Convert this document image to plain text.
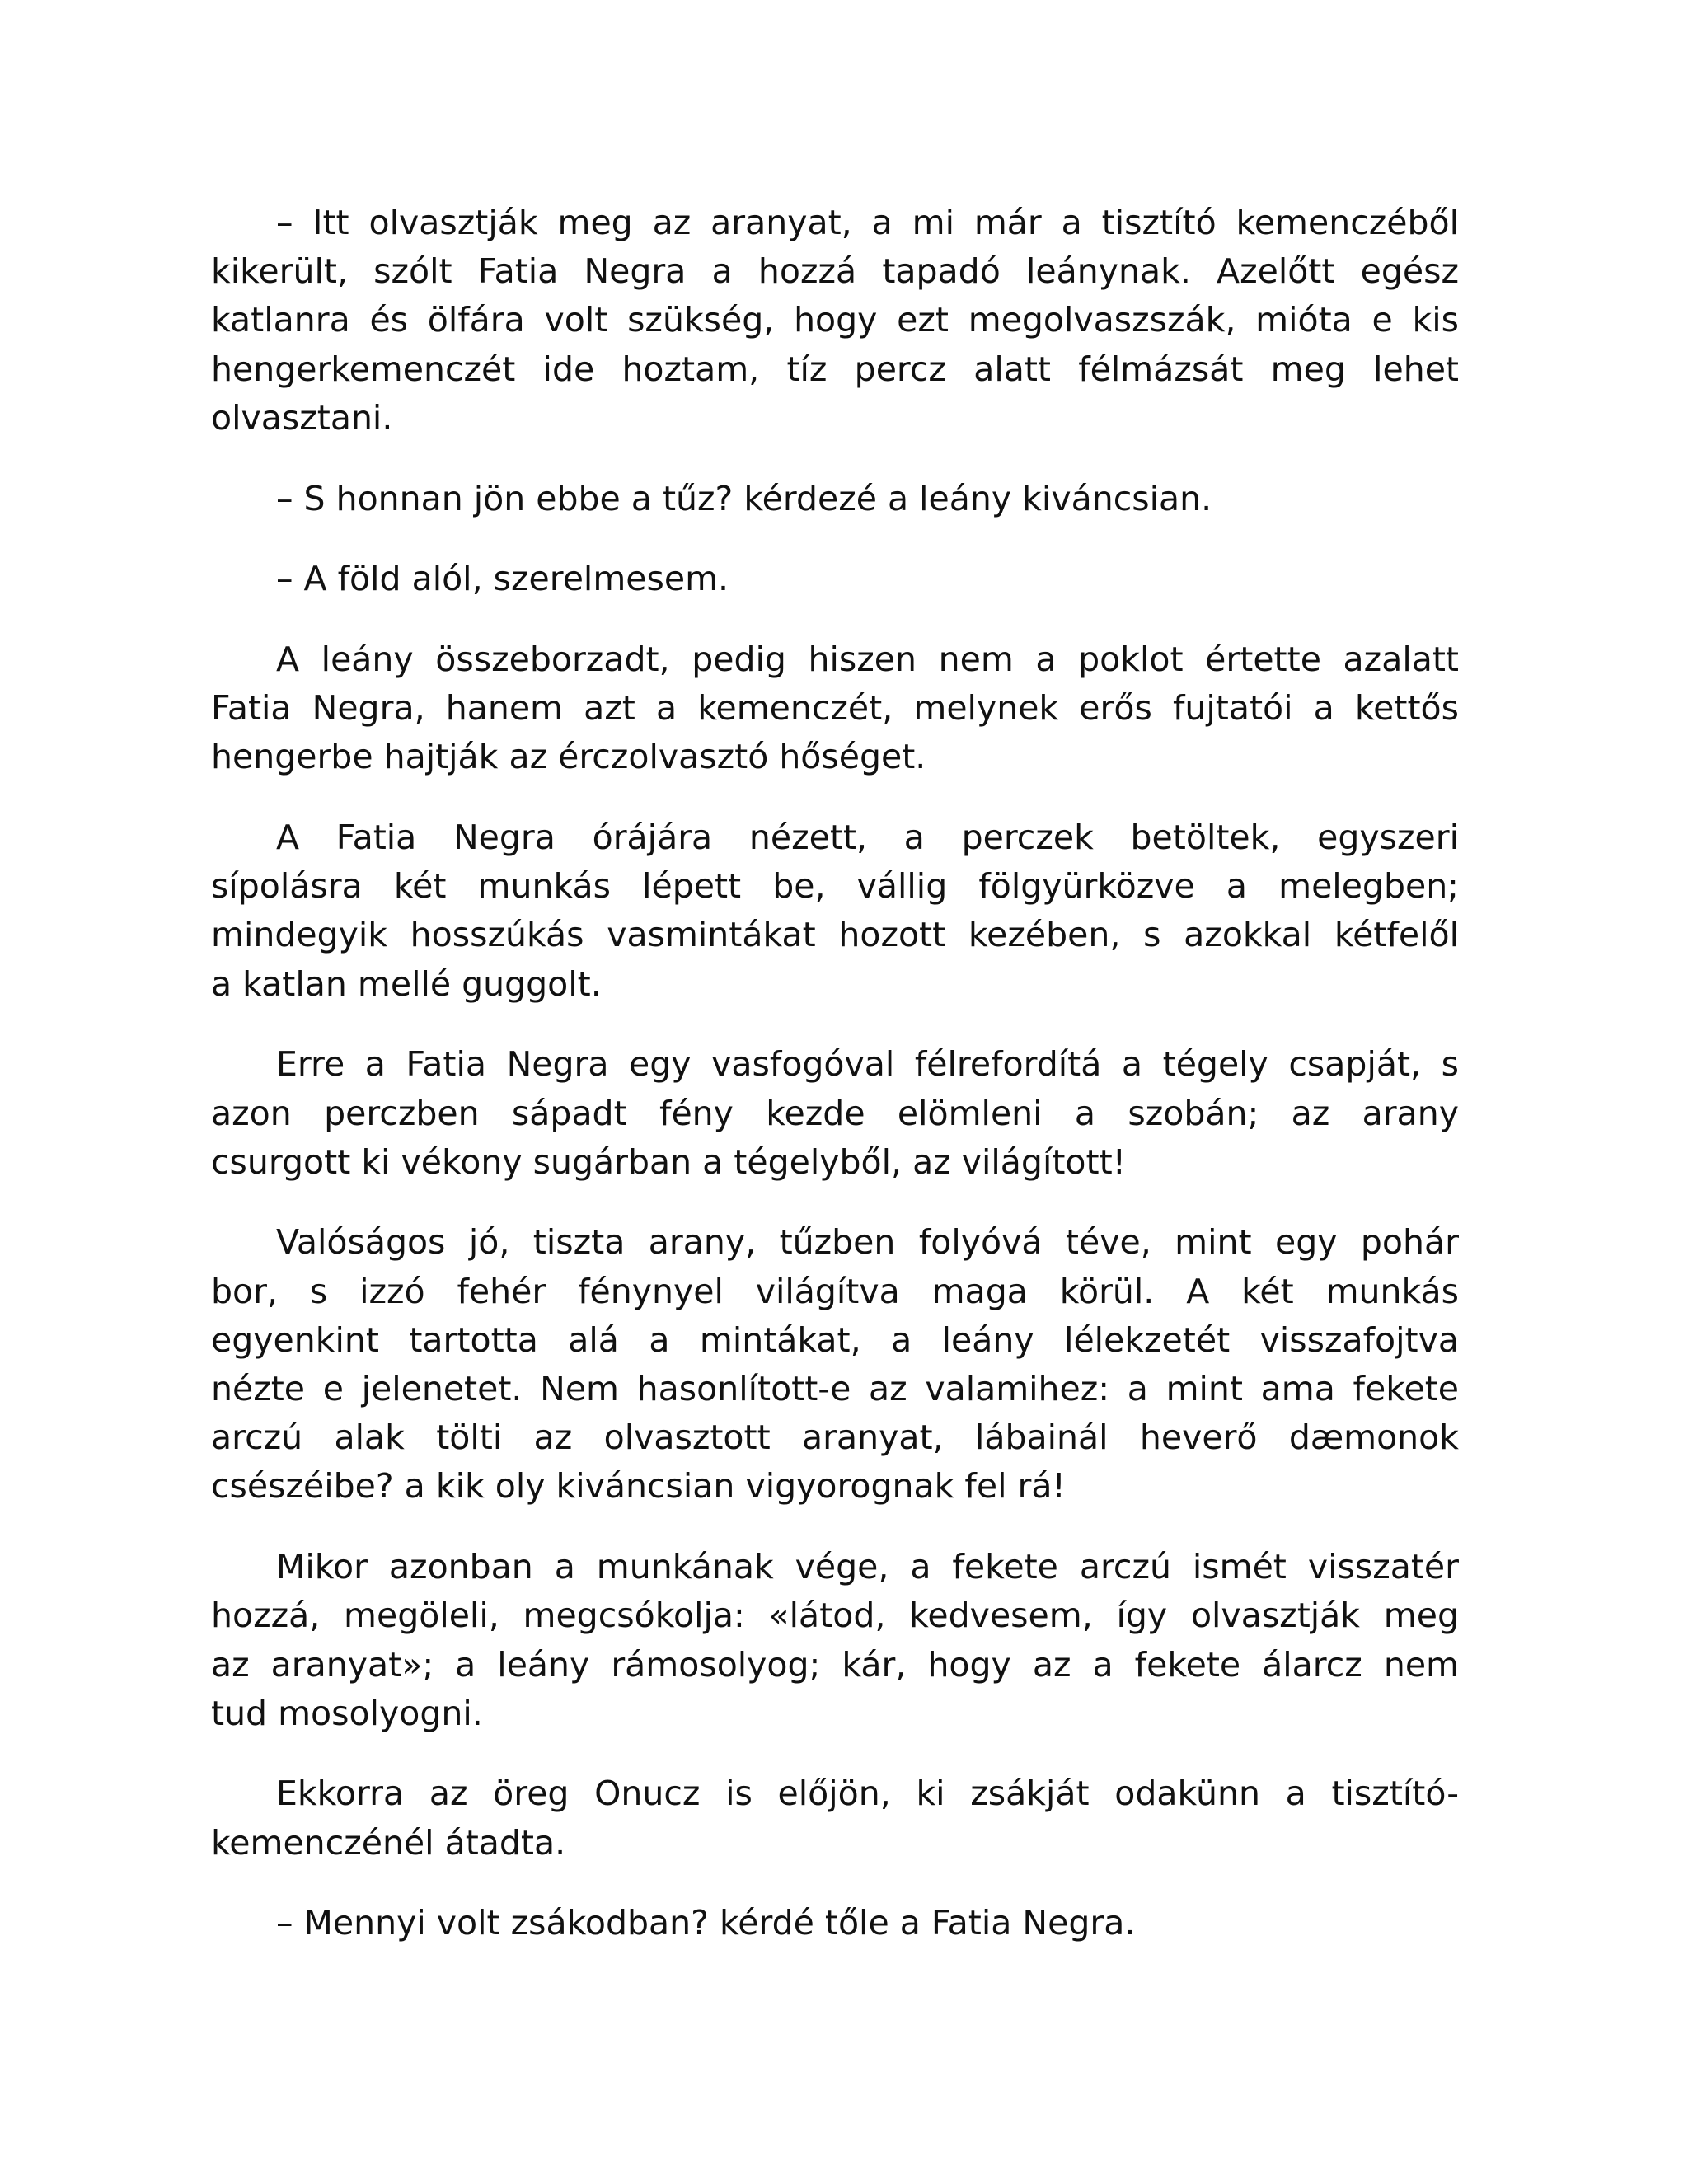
– Itt olvasztják meg az aranyat, a mi már a tisztító kemenczéből
kikerült, szólt Fatia Negra a hozzá tapadó leánynak. Azelőtt egész
katlanra és ölfára volt szükség, hogy ezt megolvaszszák, mióta e kis
hengerkemenczét ide hoztam, tíz percz alatt félmázsát meg lehet
olvasztani.
– S honnan jön ebbe a tűz? kérdezé a leány kiváncsian.
– A föld alól, szerelmesem.
A leány összeborzadt, pedig hiszen nem a poklot értette azalatt
Fatia Negra, hanem azt a kemenczét, melynek erős fujtatói a kettős
hengerbe hajtják az érczolvasztó hőséget.
A Fatia Negra órájára nézett, a perczek betöltek, egyszeri
sípolásra két munkás lépett be, vállig fölgyürközve a melegben;
mindegyik hosszúkás vasmintákat hozott kezében, s azokkal kétfelől
a katlan mellé guggolt.
Erre a Fatia Negra egy vasfogóval félrefordítá a tégely csapját, s
azon perczben sápadt fény kezde elömleni a szobán; az arany
csurgott ki vékony sugárban a tégelyből, az világított!
Valóságos jó, tiszta arany, tűzben folyóvá téve, mint egy pohár
bor, s izzó fehér fénynyel világítva maga körül. A két munkás
egyenkint tartotta alá a mintákat, a leány lélekzetét visszafojtva
nézte e jelenetet. Nem hasonlított-e az valamihez: a mint ama fekete
arczú alak tölti az olvasztott aranyat, lábainál heverő dæmonok
csészéibe? a kik oly kiváncsian vigyorognak fel rá!
Mikor azonban a munkának vége, a fekete arczú ismét visszatér
hozzá, megöleli, megcsókolja: «látod, kedvesem, így olvasztják meg
az aranyat»; a leány rámosolyog; kár, hogy az a fekete álarcz nem
tud mosolyogni.
Ekkorra az öreg Onucz is előjön, ki zsákját odakünn a tisztító-
kemenczénél átadta.
– Mennyi volt zsákodban? kérdé tőle a Fatia Negra.
